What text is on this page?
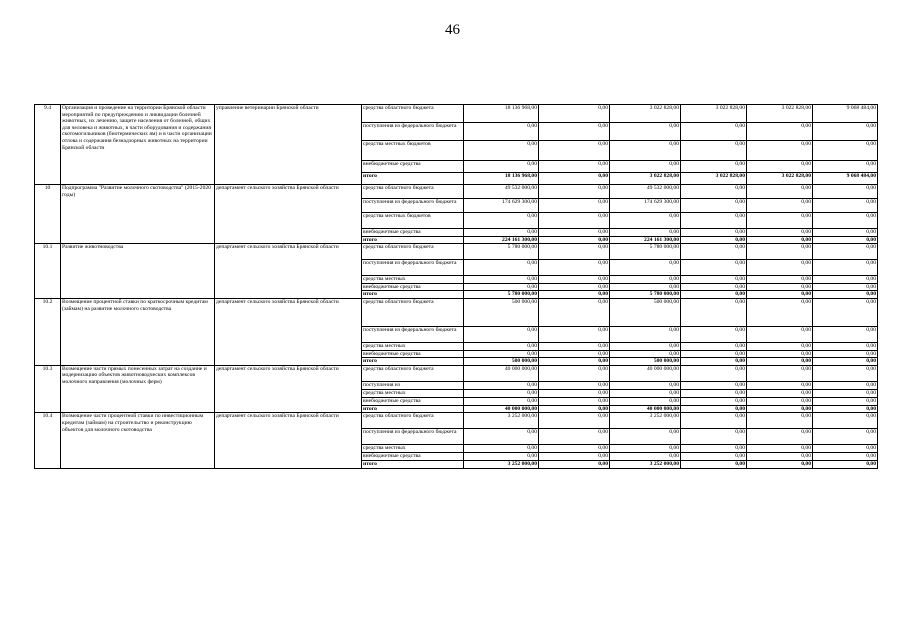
46
9.4	Организация и проведение на территории Брянской области мероприятий по предупреждению и ликвидации болезней животных, их лечению, защите населения от болезней, общих для человека и животных, в части оборудования и содержания скотомогильников (биотермических ям) и в части организации отлова и содержания безнадзорных животных на территории Брянской области	управление ветеринарии Брянской области	средства областного бюджета	18 136 968,00	0,00	3 022 828,00	3 022 828,00	3 022 828,00	9 068 484,00
			поступления из федерального бюджета	0,00	0,00	0,00	0,00	0,00	0,00
			средства местных бюджетов	0,00	0,00	0,00	0,00	0,00	0,00
			внебюджетные средства	0,00	0,00	0,00	0,00	0,00	0,00
			итого	18 136 968,00	0,00	3 022 828,00	3 022 828,00	3 022 828,00	9 068 484,00
10	Подпрограмма "Развитие молочного скотоводства" (2015-2020 годы)	департамент сельского хозяйства Брянской области	средства областного бюджета	49 532 000,00	0,00	49 532 000,00	0,00	0,00	0,00
			поступления из федерального бюджета	174 629 300,00	0,00	174 629 300,00	0,00	0,00	0,00
			средства местных бюджетов	0,00	0,00	0,00	0,00	0,00	0,00
			внебюджетные средства	0,00	0,00	0,00	0,00	0,00	0,00
			итого	224 161 300,00	0,00	224 161 300,00	0,00	0,00	0,00
10.1	Развитие животноводства	департамент сельского хозяйства Брянской области	средства областного бюджета	5 780 000,00	0,00	5 780 000,00	0,00	0,00	0,00
			поступления из федерального бюджета	0,00	0,00	0,00	0,00	0,00	0,00
			средства местных	0,00	0,00	0,00	0,00	0,00	0,00
			внебюджетные средства	0,00	0,00	0,00	0,00	0,00	0,00
			итого	5 780 000,00	0,00	5 780 000,00	0,00	0,00	0,00
10.2	Возмещение процентной ставки по краткосрочным кредитам (займам) на развитие молочного скотоводства	департамент сельского хозяйства Брянской области	средства областного бюджета	500 000,00	0,00	500 000,00	0,00	0,00	0,00
			поступления из федерального бюджета	0,00	0,00	0,00	0,00	0,00	0,00
			средства местных	0,00	0,00	0,00	0,00	0,00	0,00
			внебюджетные средства	0,00	0,00	0,00	0,00	0,00	0,00
			итого	500 000,00	0,00	500 000,00	0,00	0,00	0,00
10.3	Возмещение части прямых понесенных затрат на создание и модернизацию объектов животноводческих комплексов молочного направления (молочных ферм)	департамент сельского хозяйства Брянской области	средства областного бюджета	40 000 000,00	0,00	40 000 000,00	0,00	0,00	0,00
			поступления из	0,00	0,00	0,00	0,00	0,00	0,00
			средства местных	0,00	0,00	0,00	0,00	0,00	0,00
			внебюджетные средства	0,00	0,00	0,00	0,00	0,00	0,00
			итого	40 000 000,00	0,00	40 000 000,00	0,00	0,00	0,00
10.4	Возмещение части процентной ставки по инвестиционным кредитам (займам) на строительство и реконструкцию объектов для молочного скотоводства	департамент сельского хозяйства Брянской области	средства областного бюджета	3 252 000,00	0,00	3 252 000,00	0,00	0,00	0,00
			поступления из федерального бюджета	0,00	0,00	0,00	0,00	0,00	0,00
			средства местных	0,00	0,00	0,00	0,00	0,00	0,00
			внебюджетные средства	0,00	0,00	0,00	0,00	0,00	0,00
			итого	3 252 000,00	0,00	3 252 000,00	0,00	0,00	0,00
